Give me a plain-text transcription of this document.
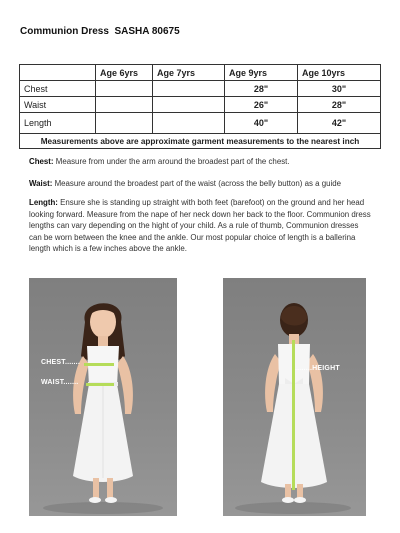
Communion Dress  SASHA 80675
	Age 6yrs	Age 7yrs	Age 9yrs	Age 10yrs
Chest			28"	30"
Waist			26"	28"
Length			40"	42"
Measurements above are approximate garment measurements to the nearest inch				

Chest: Measure from under the arm around the broadest part of the chest.

Waist: Measure around the broadest part of the waist (across the belly button) as a guide

Length: Ensure she is standing up straight with both feet (barefoot) on the ground and her head looking forward. Measure from the nape of her neck down her back to the floor. Communion dress lengths can vary depending on the hight of your child. As a rule of thumb, Communion dresses can be worn between the knee and the ankle. Our most popular choice of length is a ballerina length which is a few inches above the ankle.

CHEST.......
WAIST.......
........HEIGHT
